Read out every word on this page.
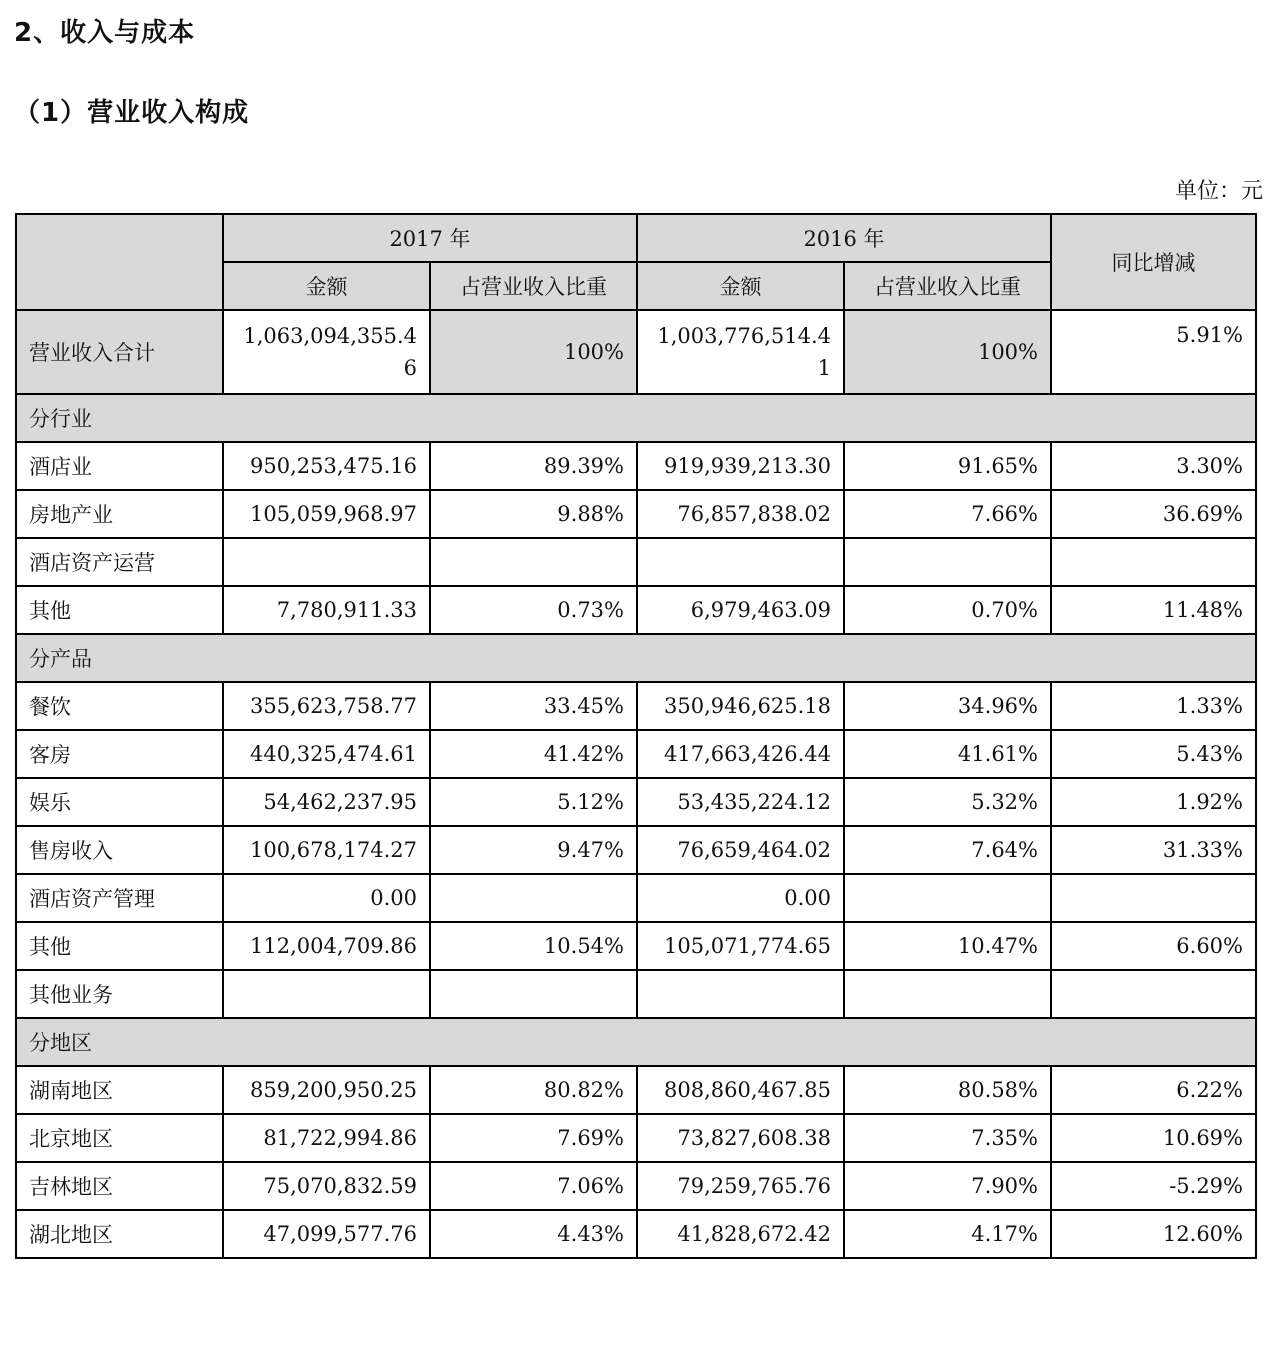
2、收入与成本
（1）营业收入构成
单位：元
	2017 年		2016 年		同比增减
	金额	占营业收入比重	金额	占营业收入比重	
营业收入合计	1,063,094,355.46	100%	1,003,776,514.41	100%	5.91%
分行业					
酒店业	950,253,475.16	89.39%	919,939,213.30	91.65%	3.30%
房地产业	105,059,968.97	9.88%	76,857,838.02	7.66%	36.69%
酒店资产运营					
其他	7,780,911.33	0.73%	6,979,463.09	0.70%	11.48%
分产品					
餐饮	355,623,758.77	33.45%	350,946,625.18	34.96%	1.33%
客房	440,325,474.61	41.42%	417,663,426.44	41.61%	5.43%
娱乐	54,462,237.95	5.12%	53,435,224.12	5.32%	1.92%
售房收入	100,678,174.27	9.47%	76,659,464.02	7.64%	31.33%
酒店资产管理	0.00		0.00		
其他	112,004,709.86	10.54%	105,071,774.65	10.47%	6.60%
其他业务					
分地区					
湖南地区	859,200,950.25	80.82%	808,860,467.85	80.58%	6.22%
北京地区	81,722,994.86	7.69%	73,827,608.38	7.35%	10.69%
吉林地区	75,070,832.59	7.06%	79,259,765.76	7.90%	-5.29%
湖北地区	47,099,577.76	4.43%	41,828,672.42	4.17%	12.60%
